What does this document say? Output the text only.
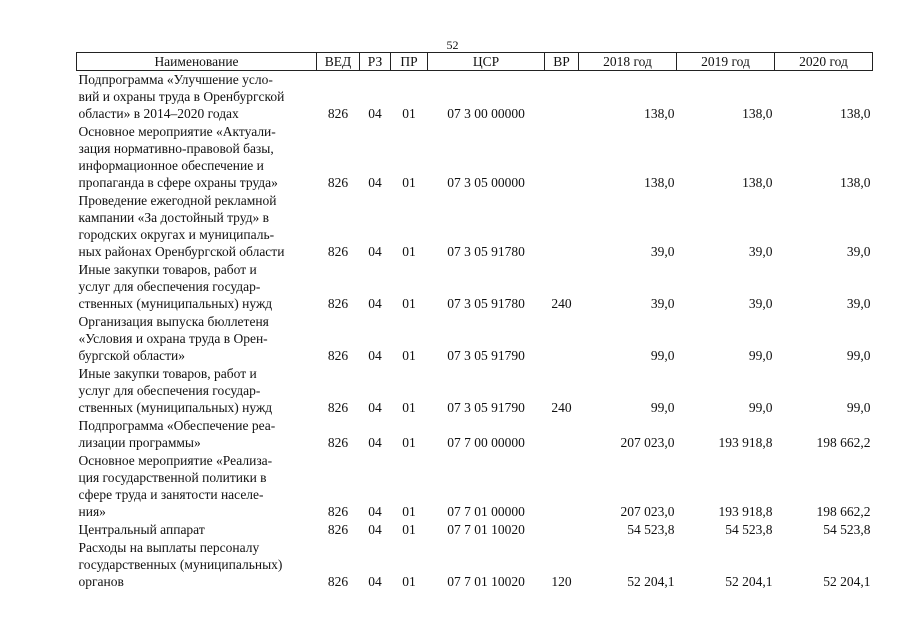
52
Наименование	ВЕД	РЗ	ПР	ЦСР	ВР	2018 год	2019 год	2020 год
Подпрограмма «Улучшение усло-
вий и охраны труда в Оренбургской
области» в 2014–2020 годах	826	04	01	07 3 00 00000		138,0	138,0	138,0
Основное мероприятие «Актуали-
зация нормативно-правовой базы,
информационное обеспечение и
пропаганда в сфере охраны труда»	826	04	01	07 3 05 00000		138,0	138,0	138,0
Проведение ежегодной рекламной
кампании «За достойный труд» в
городских округах и муниципаль-
ных районах Оренбургской области	826	04	01	07 3 05 91780		39,0	39,0	39,0
Иные закупки товаров, работ и
услуг для обеспечения государ-
ственных (муниципальных) нужд	826	04	01	07 3 05 91780	240	39,0	39,0	39,0
Организация выпуска бюллетеня
«Условия и охрана труда в Орен-
бургской области»	826	04	01	07 3 05 91790		99,0	99,0	99,0
Иные закупки товаров, работ и
услуг для обеспечения государ-
ственных (муниципальных) нужд	826	04	01	07 3 05 91790	240	99,0	99,0	99,0
Подпрограмма «Обеспечение реа-
лизации программы»	826	04	01	07 7 00 00000		207 023,0	193 918,8	198 662,2
Основное мероприятие «Реализа-
ция государственной политики в
сфере труда и занятости населе-
ния»	826	04	01	07 7 01 00000		207 023,0	193 918,8	198 662,2
Центральный аппарат	826	04	01	07 7 01 10020		54 523,8	54 523,8	54 523,8
Расходы на выплаты персоналу
государственных (муниципальных)
органов	826	04	01	07 7 01 10020	120	52 204,1	52 204,1	52 204,1
